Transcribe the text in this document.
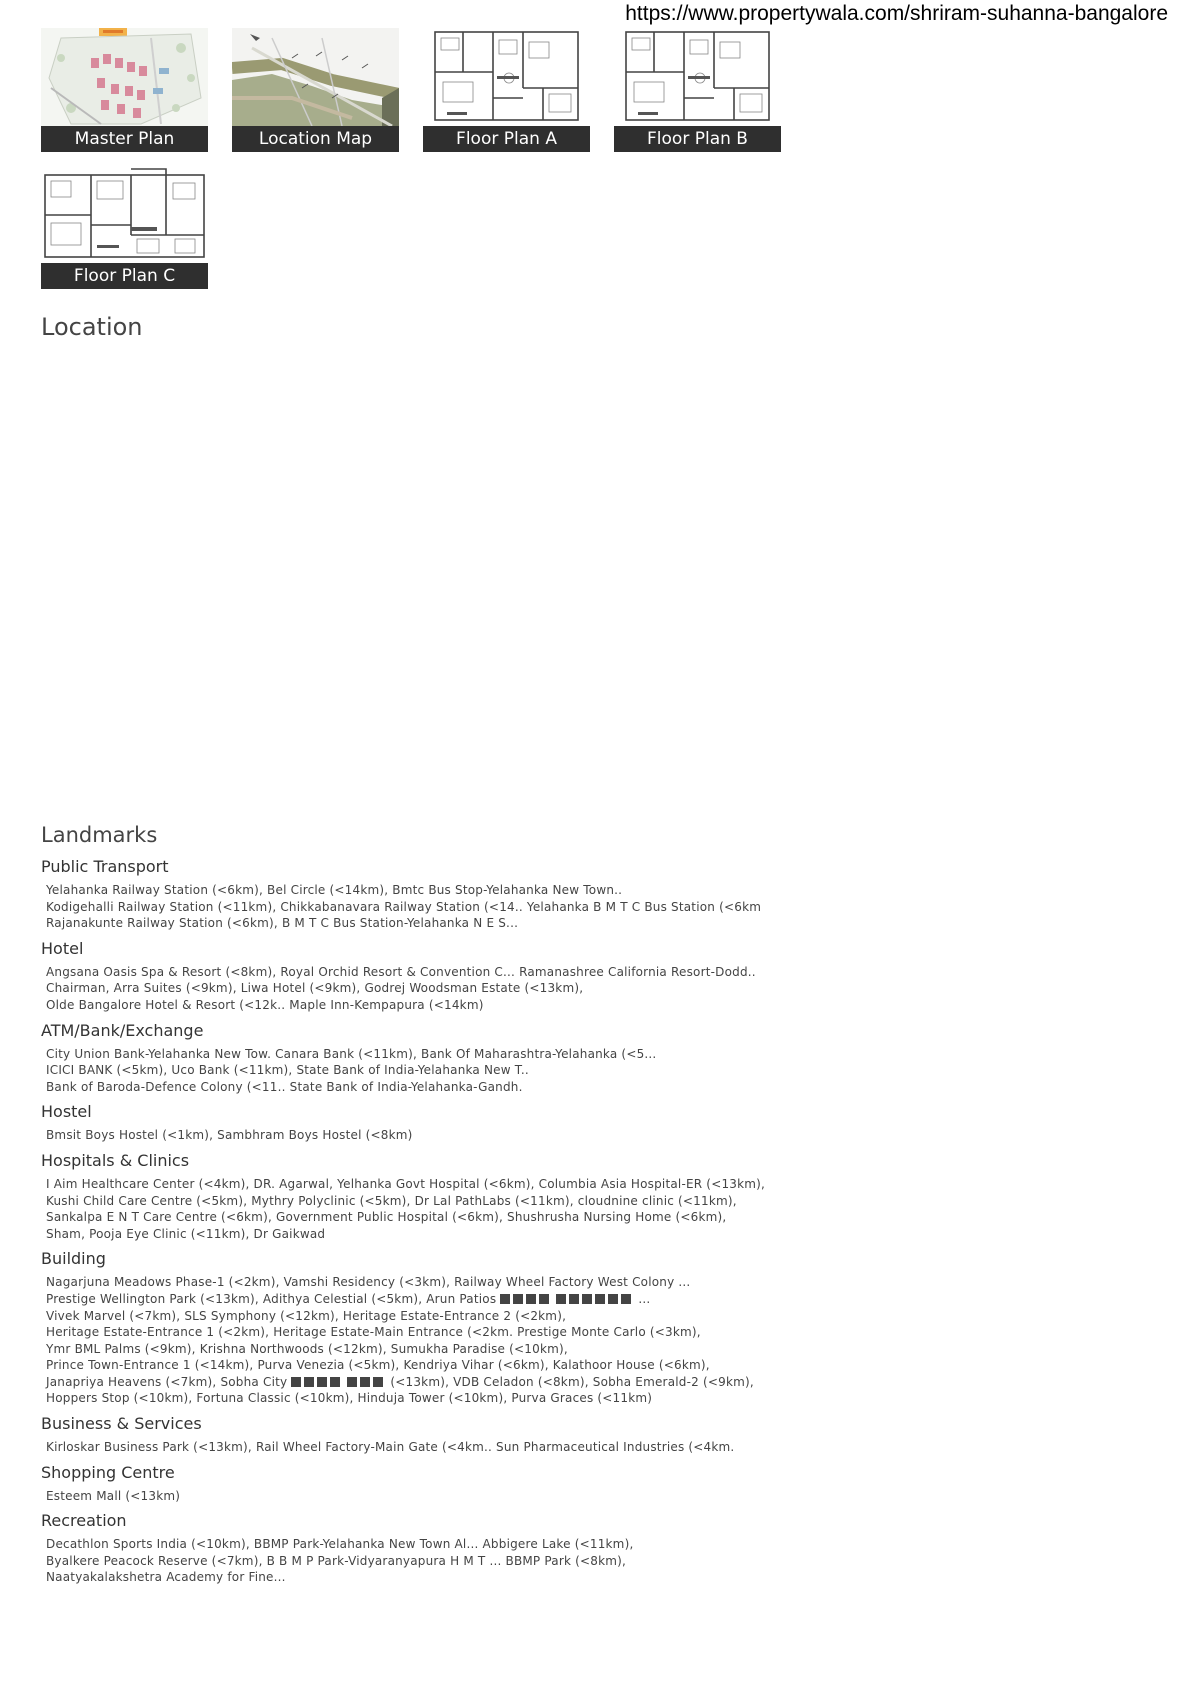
https://www.propertywala.com/shriram-suhanna-bangalore
Master Plan	Location Map	Floor Plan A	Floor Plan B
Floor Plan C
Location
Landmarks
Public Transport
Yelahanka Railway Station (<6km), Bel Circle (<14km), Bmtc Bus Stop-Yelahanka New Town..
Kodigehalli Railway Station (<11km), Chikkabanavara Railway Station (<14.. Yelahanka B M T C Bus Station (<6km
Rajanakunte Railway Station (<6km), B M T C Bus Station-Yelahanka N E S...
Hotel
Angsana Oasis Spa & Resort (<8km), Royal Orchid Resort & Convention C... Ramanashree California Resort-Dodd..
Chairman, Arra Suites (<9km), Liwa Hotel (<9km), Godrej Woodsman Estate (<13km),
Olde Bangalore Hotel & Resort (<12k.. Maple Inn-Kempapura (<14km)
ATM/Bank/Exchange
City Union Bank-Yelahanka New Tow. Canara Bank (<11km), Bank Of Maharashtra-Yelahanka (<5...
ICICI BANK (<5km), Uco Bank (<11km), State Bank of India-Yelahanka New T..
Bank of Baroda-Defence Colony (<11.. State Bank of India-Yelahanka-Gandh.
Hostel
Bmsit Boys Hostel (<1km), Sambhram Boys Hostel (<8km)
Hospitals & Clinics
I Aim Healthcare Center (<4km), DR. Agarwal, Yelhanka Govt Hospital (<6km), Columbia Asia Hospital-ER (<13km),
Kushi Child Care Centre (<5km), Mythry Polyclinic (<5km), Dr Lal PathLabs (<11km), cloudnine clinic (<11km),
Sankalpa E N T Care Centre (<6km), Government Public Hospital (<6km), Shushrusha Nursing Home (<6km),
Sham, Pooja Eye Clinic (<11km), Dr Gaikwad
Building
Nagarjuna Meadows Phase-1 (<2km), Vamshi Residency (<3km), Railway Wheel Factory West Colony ...
Prestige Wellington Park (<13km), Adithya Celestial (<5km), Arun Patios	...
Vivek Marvel (<7km), SLS Symphony (<12km), Heritage Estate-Entrance 2 (<2km),
Heritage Estate-Entrance 1 (<2km), Heritage Estate-Main Entrance (<2km. Prestige Monte Carlo (<3km),
Ymr BML Palms (<9km), Krishna Northwoods (<12km), Sumukha Paradise (<10km),
Prince Town-Entrance 1 (<14km), Purva Venezia (<5km), Kendriya Vihar (<6km), Kalathoor House (<6km),
Janapriya Heavens (<7km), Sobha City	(<13km), VDB Celadon (<8km), Sobha Emerald-2 (<9km),
Hoppers Stop (<10km), Fortuna Classic (<10km), Hinduja Tower (<10km), Purva Graces (<11km)
Business & Services
Kirloskar Business Park (<13km), Rail Wheel Factory-Main Gate (<4km.. Sun Pharmaceutical Industries (<4km.
Shopping Centre
Esteem Mall (<13km)
Recreation
Decathlon Sports India (<10km), BBMP Park-Yelahanka New Town Al... Abbigere Lake (<11km),
Byalkere Peacock Reserve (<7km), B B M P Park-Vidyaranyapura H M T ... BBMP Park (<8km),
Naatyakalakshetra Academy for Fine...
